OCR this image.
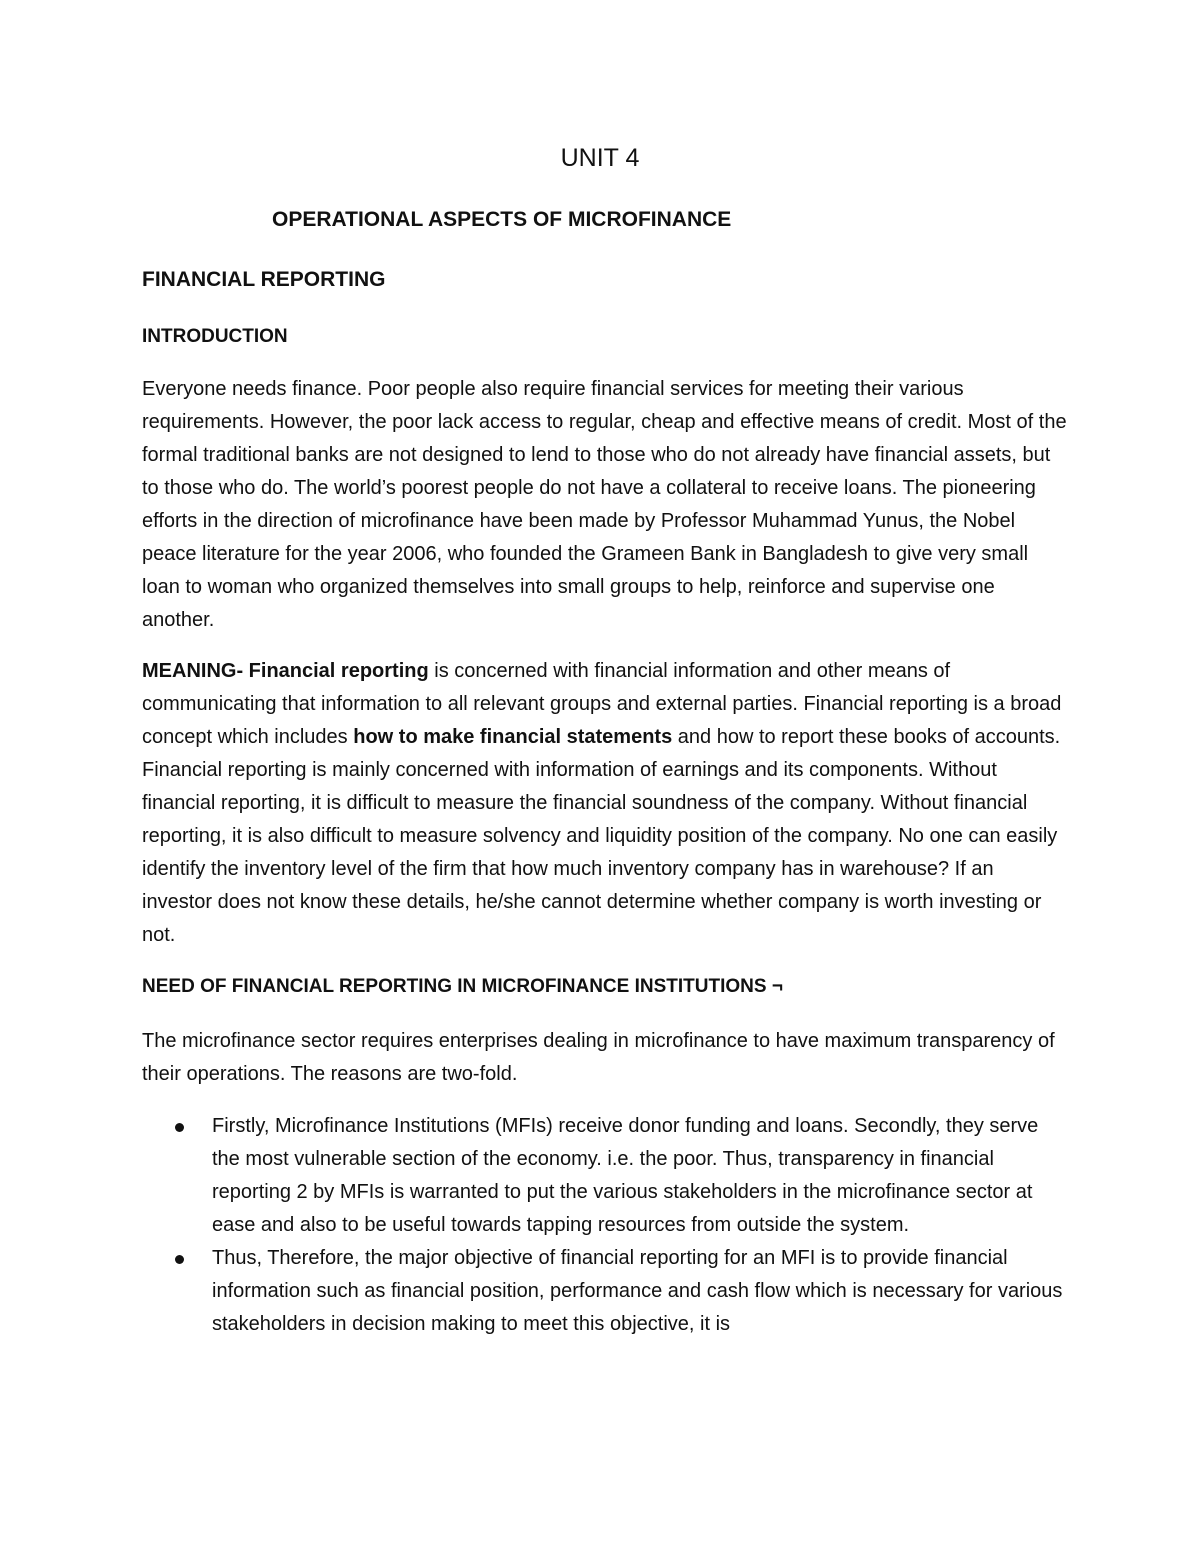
UNIT 4
OPERATIONAL ASPECTS OF MICROFINANCE
FINANCIAL REPORTING
INTRODUCTION

Everyone needs finance. Poor people also require financial services for meeting their various requirements. However, the poor lack access to regular, cheap and effective means of credit. Most of the formal traditional banks are not designed to lend to those who do not already have financial assets, but to those who do. The world’s poorest people do not have a collateral to receive loans. The pioneering efforts in the direction of microfinance have been made by Professor Muhammad Yunus, the Nobel peace literature for the year 2006, who founded the Grameen Bank in Bangladesh to give very small loan to woman who organized themselves into small groups to help, reinforce and supervise one another.

MEANING- Financial reporting is concerned with financial information and other means of communicating that information to all relevant groups and external parties. Financial reporting is a broad concept which includes how to make financial statements and how to report these books of accounts. Financial reporting is mainly concerned with information of earnings and its components. Without financial reporting, it is difficult to measure the financial soundness of the company. Without financial reporting, it is also difficult to measure solvency and liquidity position of the company. No one can easily identify the inventory level of the firm that how much inventory company has in warehouse? If an investor does not know these details, he/she cannot determine whether company is worth investing or not.

NEED OF FINANCIAL REPORTING IN MICROFINANCE INSTITUTIONS ¬

The microfinance sector requires enterprises dealing in microfinance to have maximum transparency of their operations. The reasons are two-fold.

Firstly, Microfinance Institutions (MFIs) receive donor funding and loans. Secondly, they serve the most vulnerable section of the economy. i.e. the poor. Thus, transparency in financial reporting 2 by MFIs is warranted to put the various stakeholders in the microfinance sector at ease and also to be useful towards tapping resources from outside the system.
Thus, Therefore, the major objective of financial reporting for an MFI is to provide financial information such as financial position, performance and cash flow which is necessary for various stakeholders in decision making to meet this objective, it is
